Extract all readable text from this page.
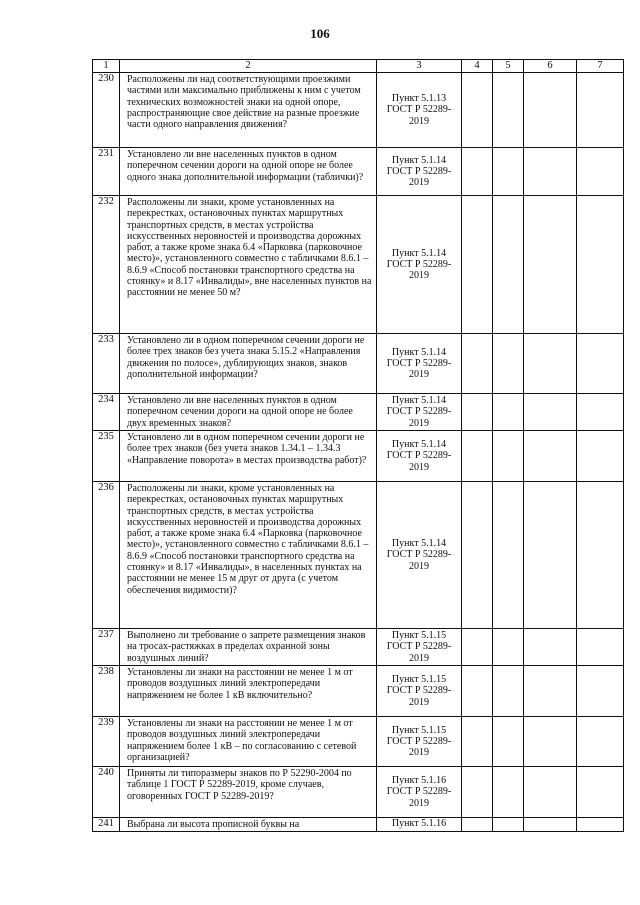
106
1	2	3	4	5	6	7
230	Расположены ли над соответствующими проезжими частями или максимально приближены к ним с учетом технических возможностей знаки на одной опоре, распространяющие свое действие на разные проезжие части одного направления движения?	Пункт 5.1.13 ГОСТ Р 52289-2019				
231	Установлено ли вне населенных пунктов в одном поперечном сечении дороги на одной опоре не более одного знака дополнительной информации (таблички)?	Пункт 5.1.14 ГОСТ Р 52289-2019				
232	Расположены ли знаки, кроме установленных на перекрестках, остановочных пунктах маршрутных транспортных средств, в местах устройства искусственных неровностей и производства дорожных работ, а также кроме знака 6.4 «Парковка (парковочное место)», установленного совместно с табличками 8.6.1 – 8.6.9 «Способ постановки транспортного средства на стоянку» и 8.17 «Инвалиды», вне населенных пунктов на расстоянии не менее 50 м?	Пункт 5.1.14 ГОСТ Р 52289-2019				
233	Установлено ли в одном поперечном сечении дороги не более трех знаков без учета знака 5.15.2 «Направления движения по полосе», дублирующих знаков, знаков дополнительной информации?	Пункт 5.1.14 ГОСТ Р 52289-2019				
234	Установлено ли вне населенных пунктов в одном поперечном сечении дороги на одной опоре не более двух временных знаков?	Пункт 5.1.14 ГОСТ Р 52289-2019				
235	Установлено ли в одном поперечном сечении дороги не более трех знаков (без учета знаков 1.34.1 – 1.34.3 «Направление поворота» в местах производства работ)?	Пункт 5.1.14 ГОСТ Р 52289-2019				
236	Расположены ли знаки, кроме установленных на перекрестках, остановочных пунктах маршрутных транспортных средств, в местах устройства искусственных неровностей и производства дорожных работ, а также кроме знака 6.4 «Парковка (парковочное место)», установленного совместно с табличками 8.6.1 – 8.6.9 «Способ постановки транспортного средства на стоянку» и 8.17 «Инвалиды», в населенных пунктах на расстоянии не менее 15 м друг от друга (с учетом обеспечения видимости)?	Пункт 5.1.14 ГОСТ Р 52289-2019				
237	Выполнено ли требование о запрете размещения знаков на тросах-растяжках в пределах охранной зоны воздушных линий?	Пункт 5.1.15 ГОСТ Р 52289-2019				
238	Установлены ли знаки на расстоянии не менее 1 м от проводов воздушных линий электропередачи напряжением не более 1 кВ включительно?	Пункт 5.1.15 ГОСТ Р 52289-2019				
239	Установлены ли знаки на расстоянии не менее 1 м от проводов воздушных линий электропередачи напряжением более 1 кВ – по согласованию с сетевой организацией?	Пункт 5.1.15 ГОСТ Р 52289-2019				
240	Приняты ли типоразмеры знаков по Р 52290-2004 по таблице 1 ГОСТ Р 52289-2019, кроме случаев, оговоренных ГОСТ Р 52289-2019?	Пункт 5.1.16 ГОСТ Р 52289-2019				
241	Выбрана ли высота прописной буквы на	Пункт 5.1.16				
